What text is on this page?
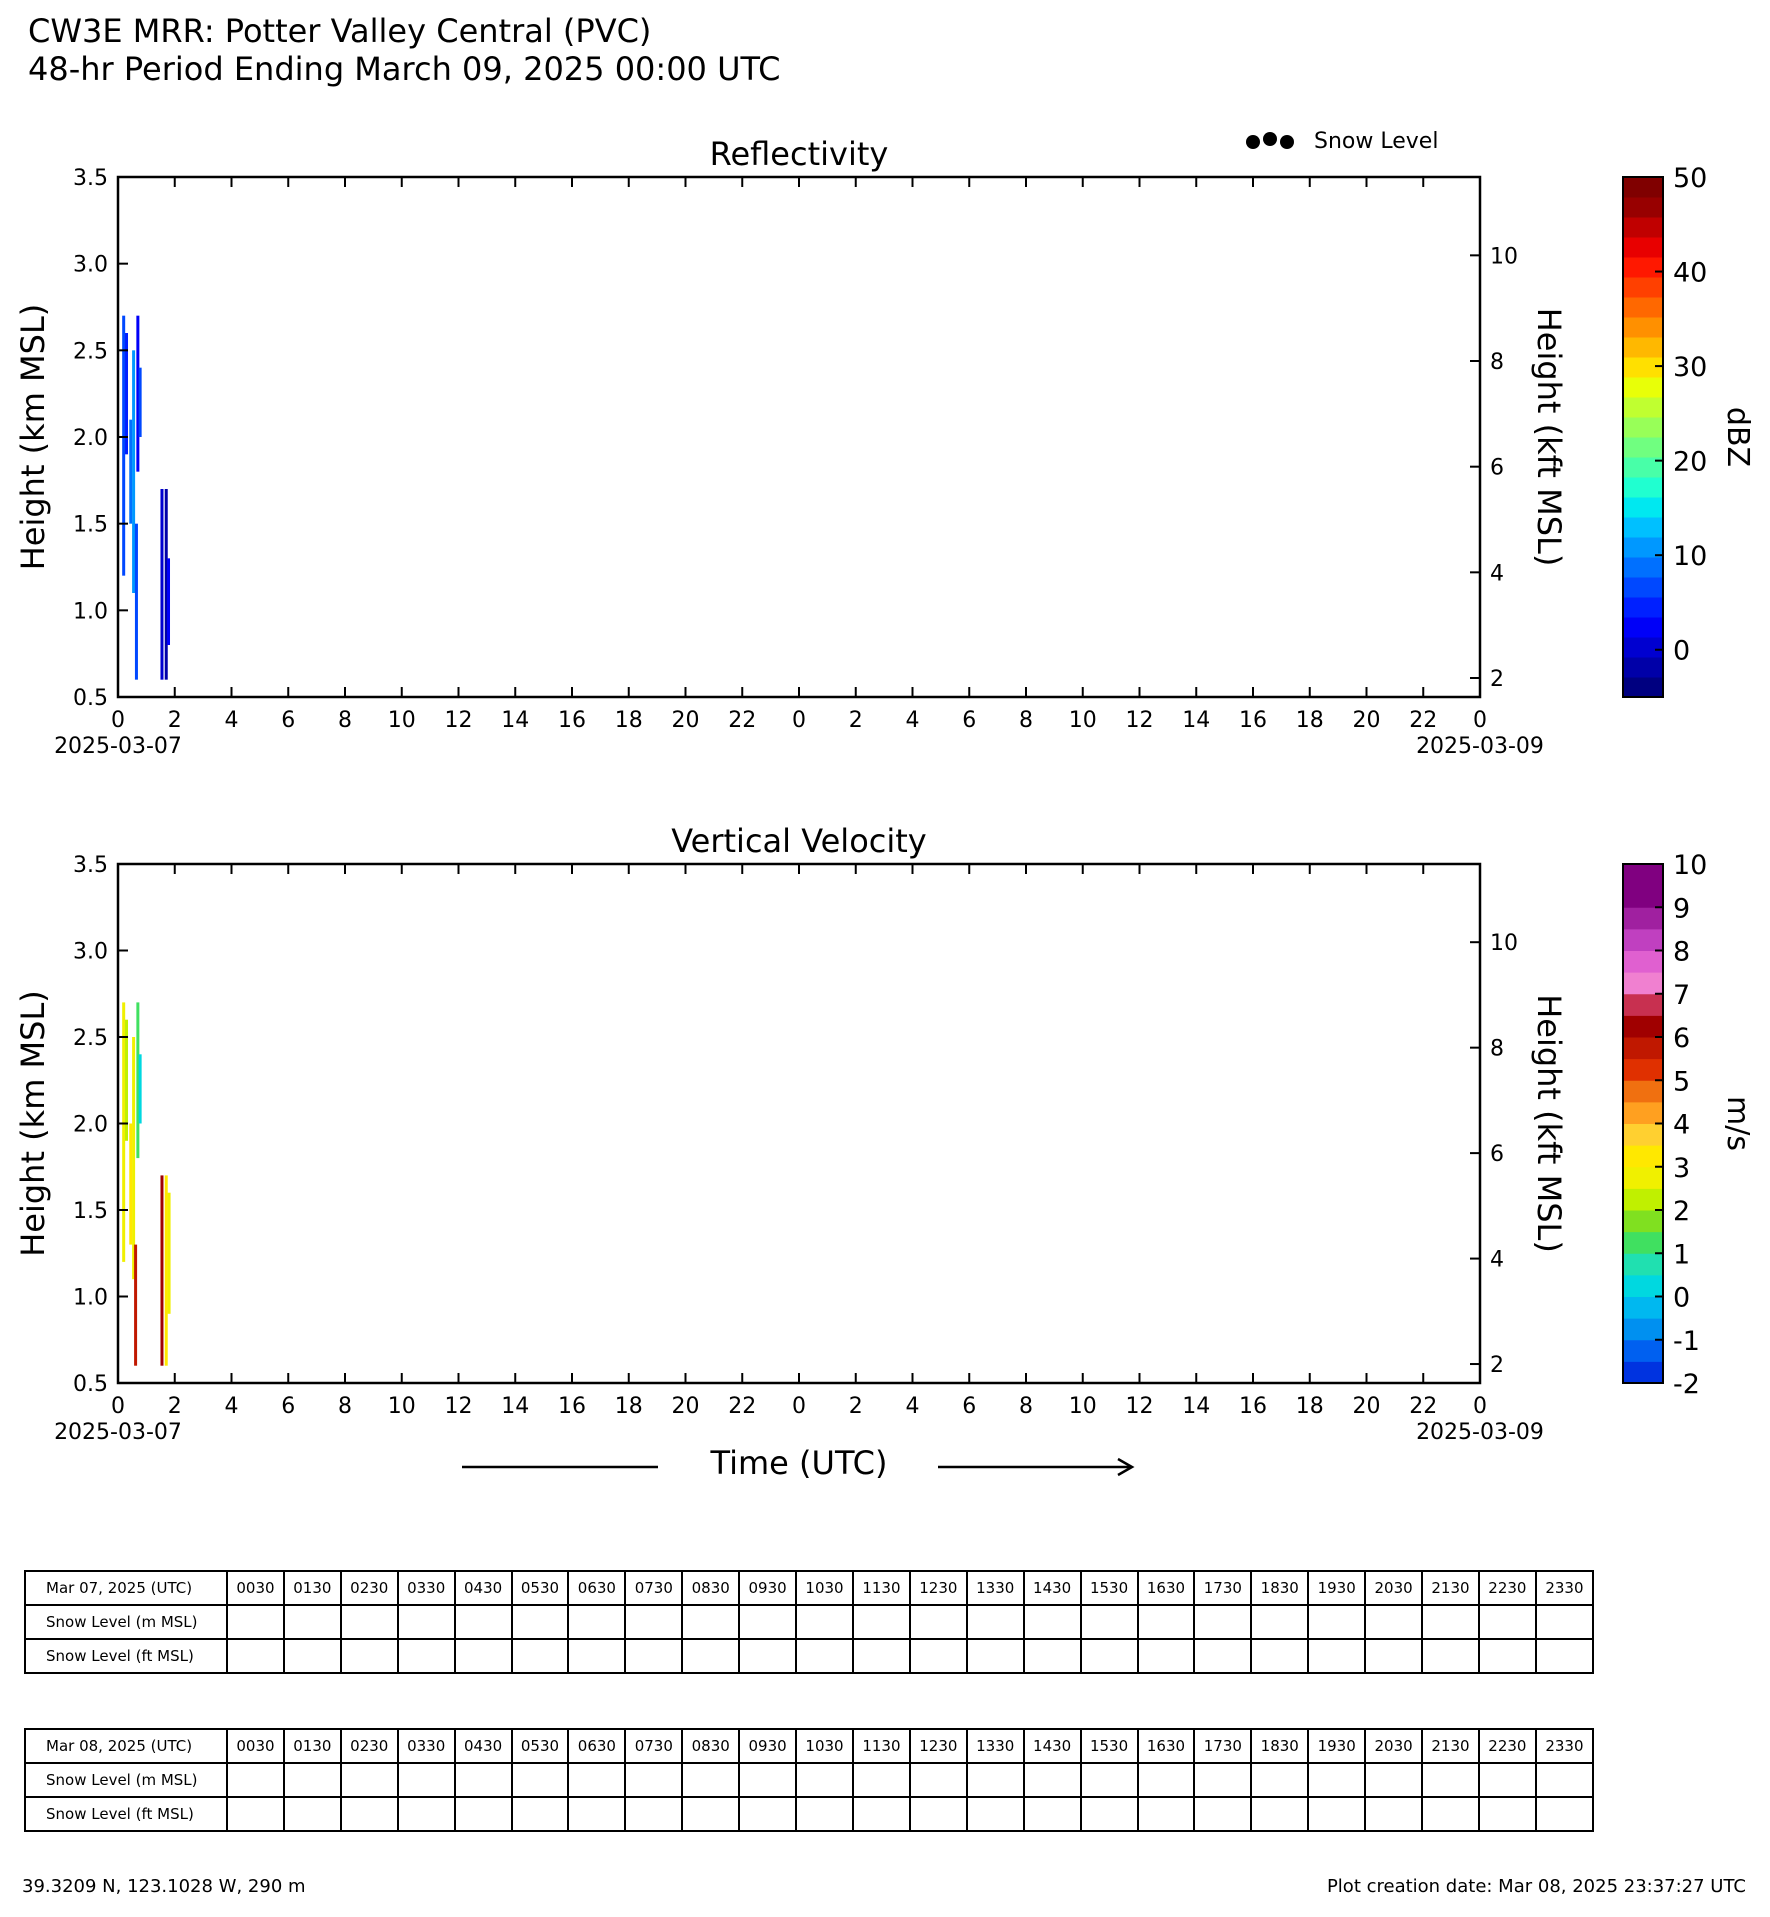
CW3E MRR: Potter Valley Central (PVC)
48-hr Period Ending March 09, 2025 00:00 UTC
Reflectivity
0.5
1.0
1.5
2.0
2.5
3.0
3.5
2
4
6
8
10
0 2 4 6 8 10 12 14 16 18 20 22 0 2 4 6 8 10 12 14 16 18 20 22 0
2025-03-07	2025-03-09
Height (km MSL)	Height (kft MSL)
0
10
20
30
40
50
dBZ
Vertical Velocity
0.5
1.0
1.5
2.0
2.5
3.0
3.5
2
4
6
8
10
0 2 4 6 8 10 12 14 16 18 20 22 0 2 4 6 8 10 12 14 16 18 20 22 0
2025-03-07	2025-03-09
Height (km MSL)	Height (kft MSL)
-2
-1
0
1
2
3
4
5
6
7
8
9
10
m/s
Snow Level
Time (UTC)
Mar 07, 2025 (UTC)	0030	0130	0230	0330	0430	0530	0630	0730	0830	0930	1030	1130	1230	1330	1430	1530	1630	1730	1830	1930	2030	2130	2230	2330
Snow Level (m MSL)																								
Snow Level (ft MSL)																								
Mar 08, 2025 (UTC)	0030	0130	0230	0330	0430	0530	0630	0730	0830	0930	1030	1130	1230	1330	1430	1530	1630	1730	1830	1930	2030	2130	2230	2330
Snow Level (m MSL)																								
Snow Level (ft MSL)																								
39.3209 N, 123.1028 W, 290 m	Plot creation date: Mar 08, 2025 23:37:27 UTC
